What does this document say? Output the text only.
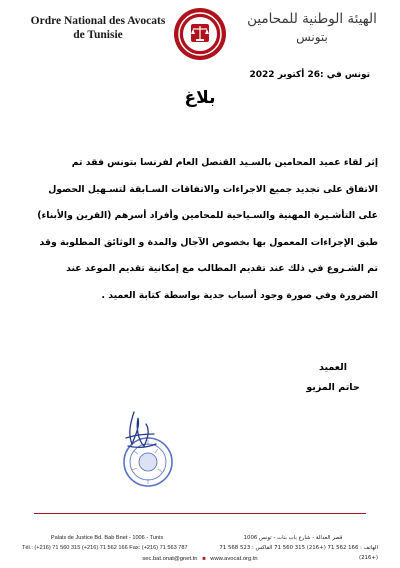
Ordre National des Avocats
de Tunisie
الهيئة الوطنية للمحامين
بتونس
تونس في :26 أكتوبر 2022
بلاغ
إثر لقاء عميد المحامين بالسـيد القنصل العام لفرنسا بتونس فقد تم
الاتفاق على تجديد جميع الاجراءات والاتفاقات السـابقة لتسـهيل الحصول
على التأشـيرة المهنية والسـياحية للمحامين وأفراد أسرهم (القرين والأبناء)
طبق الإجراءات المعمول بها بخصوص الآجال والمدة و الوثائق المطلوبة وقد
تم الشـروع في ذلك عند تقديم المطالب مع إمكانية تقديم الموعد عند
الضرورة وفي صورة وجود أسباب جدية بواسطة كتابة العميد .
العميد
حاتم المزيو
Palais de Justice Bd. Bab Bnet - 1006 - Tunis
Tél.: (+216) 71 560 315 (+216) 71 562 166 Fax: (+216) 71 563 787
قصر العدالة - شارع باب بنات - تونس 1006
الهاتف : 166 562 71 (+216) 315 560 71 الفاكس : 523 568 71 (+216)
sec.bat.onat@gnet.tn ■ www.avocat.org.tn
